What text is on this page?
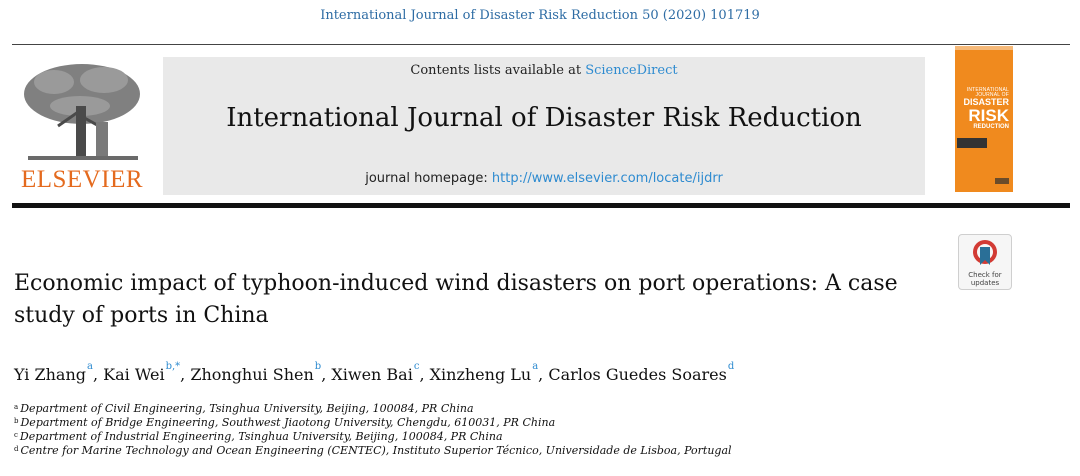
International Journal of Disaster Risk Reduction 50 (2020) 101719
ELSEVIER
Contents lists available at ScienceDirect
International Journal of Disaster Risk Reduction
journal homepage: http://www.elsevier.com/locate/ijdrr
INTERNATIONAL JOURNAL OF
DISASTER
RISK
REDUCTION
Check for
updates
Economic impact of typhoon-induced wind disasters on port operations: A case study of ports in China
Yi Zhang$^a$, Kai Wei$^{b,*}$, Zhonghui Shen$^b$, Xiwen Bai$^c$, Xinzheng Lu$^a$, Carlos Guedes Soares$^d$
$^a$ Department of Civil Engineering, Tsinghua University, Beijing, 100084, PR China
$^b$ Department of Bridge Engineering, Southwest Jiaotong University, Chengdu, 610031, PR China
$^c$ Department of Industrial Engineering, Tsinghua University, Beijing, 100084, PR China
$^d$ Centre for Marine Technology and Ocean Engineering (CENTEC), Instituto Superior Técnico, Universidade de Lisboa, Portugal
